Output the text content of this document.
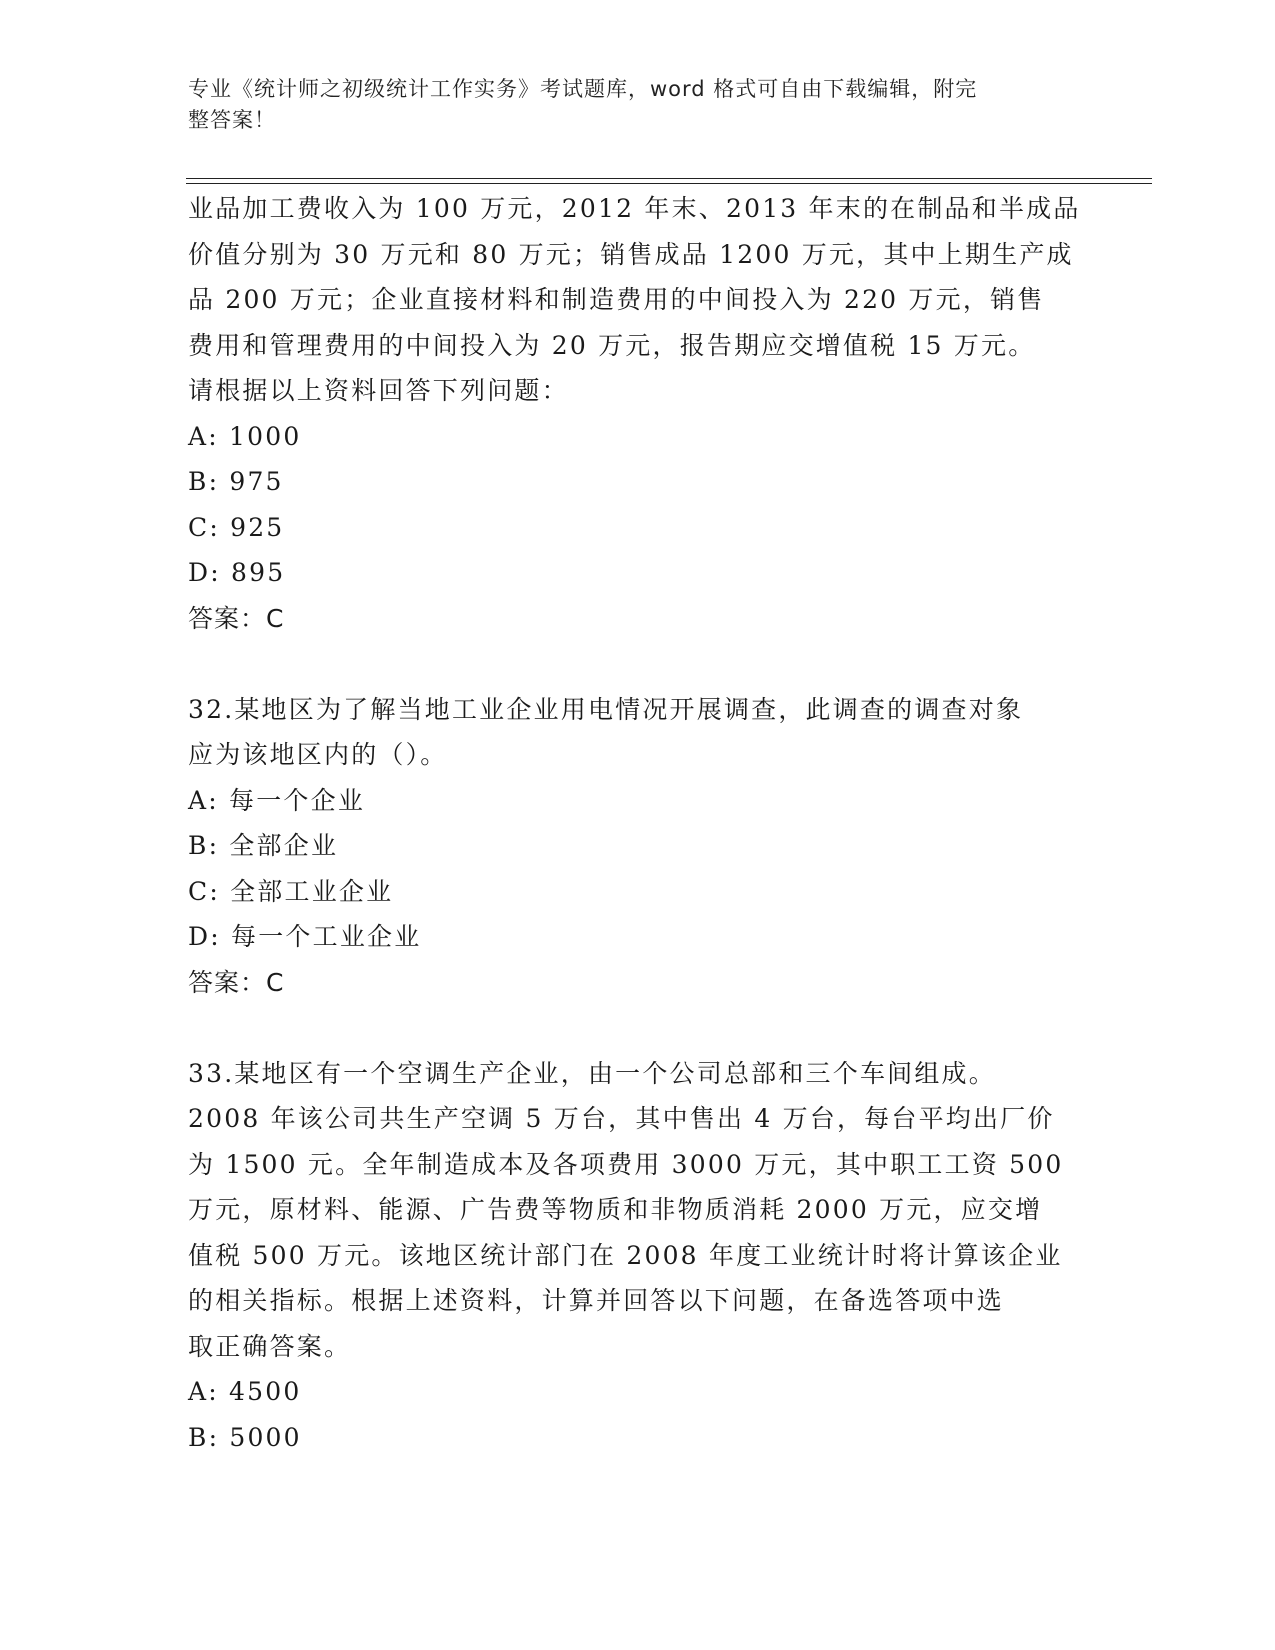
专业《统计师之初级统计工作实务》考试题库，word 格式可自由下载编辑，附完
整答案！
业品加工费收入为 100 万元，2012 年末、2013 年末的在制品和半成品
价值分别为 30 万元和 80 万元；销售成品 1200 万元，其中上期生产成
品 200 万元；企业直接材料和制造费用的中间投入为 220 万元，销售
费用和管理费用的中间投入为 20 万元，报告期应交增值税 15 万元。
请根据以上资料回答下列问题：
A: 1000
B: 975
C: 925
D: 895
答案：C
32.某地区为了解当地工业企业用电情况开展调查，此调查的调查对象
应为该地区内的（）。
A: 每一个企业
B: 全部企业
C: 全部工业企业
D: 每一个工业企业
答案：C
33.某地区有一个空调生产企业，由一个公司总部和三个车间组成。
2008 年该公司共生产空调 5 万台，其中售出 4 万台，每台平均出厂价
为 1500 元。全年制造成本及各项费用 3000 万元，其中职工工资 500
万元，原材料、能源、广告费等物质和非物质消耗 2000 万元，应交增
值税 500 万元。该地区统计部门在 2008 年度工业统计时将计算该企业
的相关指标。根据上述资料，计算并回答以下问题，在备选答项中选
取正确答案。
A: 4500
B: 5000
